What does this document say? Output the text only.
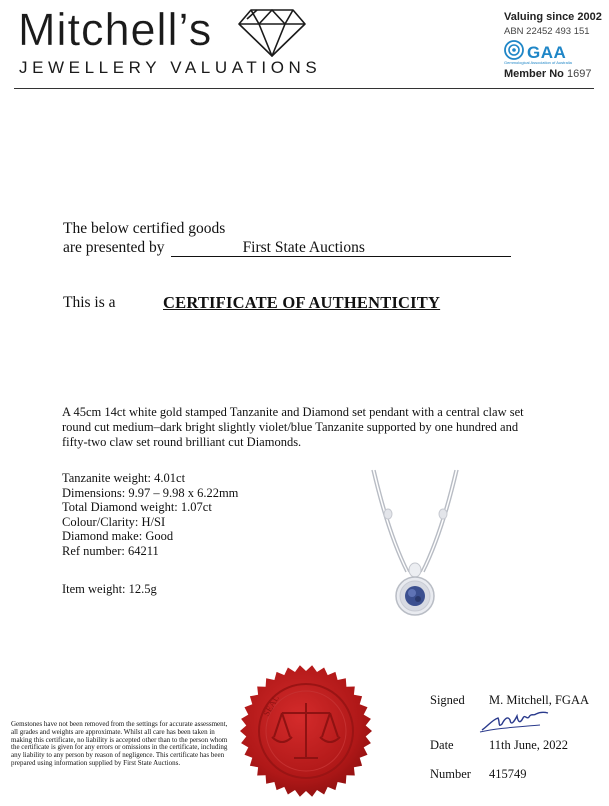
Mitchell’s
JEWELLERY VALUATIONS
Valuing since 2002
ABN 22452 493 151
GAA
Gemmological Association of Australia
Member No 1697
The below certified goods
are presented by	First State Auctions
This is a	CERTIFICATE OF AUTHENTICITY
A 45cm 14ct white gold stamped Tanzanite and Diamond set pendant with a central claw set round cut medium–dark bright slightly violet/blue Tanzanite supported by one hundred and fifty-two claw set round brilliant cut Diamonds.
Tanzanite weight: 4.01ct
Dimensions: 9.97 – 9.98 x 6.22mm
Total Diamond weight: 1.07ct
Colour/Clarity: H/SI
Diamond make: Good
Ref number: 64211
Item weight: 12.5g
Gemstones have not been removed from the settings for accurate assessment, all grades and weights are approximate. Whilst all care has been taken in making this certificate, no liability is accepted other than to the person whom the certificate is given for any errors or omissions in the certificate, including any liability to any person by reason of negligence. This certificate has been prepared using information supplied by First State Auctions.
SEAL	Signed M. Mitchell, FGAA
Date	11th June, 2022
Number 415749
